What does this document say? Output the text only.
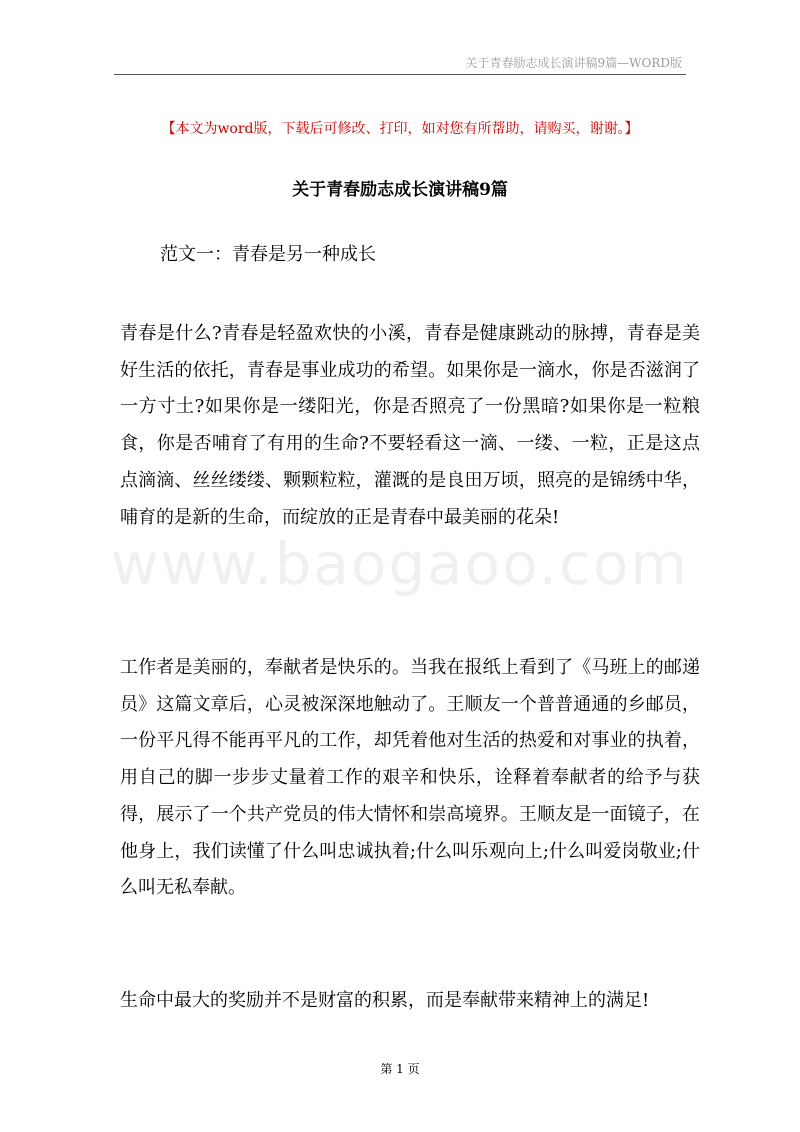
关于青春励志成长演讲稿9篇—WORD版
【本文为word版，下载后可修改、打印，如对您有所帮助，请购买，谢谢。】
关于青春励志成长演讲稿9篇
范文一：青春是另一种成长
青春是什么?青春是轻盈欢快的小溪，青春是健康跳动的脉搏，青春是美好生活的依托，青春是事业成功的希望。如果你是一滴水，你是否滋润了一方寸土?如果你是一缕阳光，你是否照亮了一份黑暗?如果你是一粒粮食，你是否哺育了有用的生命?不要轻看这一滴、一缕、一粒，正是这点点滴滴、丝丝缕缕、颗颗粒粒，灌溉的是良田万顷，照亮的是锦绣中华，哺育的是新的生命，而绽放的正是青春中最美丽的花朵!
工作者是美丽的，奉献者是快乐的。当我在报纸上看到了《马班上的邮递员》这篇文章后，心灵被深深地触动了。王顺友一个普普通通的乡邮员，一份平凡得不能再平凡的工作，却凭着他对生活的热爱和对事业的执着，用自己的脚一步步丈量着工作的艰辛和快乐，诠释着奉献者的给予与获得，展示了一个共产党员的伟大情怀和崇高境界。王顺友是一面镜子，在他身上，我们读懂了什么叫忠诚执着;什么叫乐观向上;什么叫爱岗敬业;什么叫无私奉献。
生命中最大的奖励并不是财富的积累，而是奉献带来精神上的满足!
www.baogaoo.com
第 1 页
